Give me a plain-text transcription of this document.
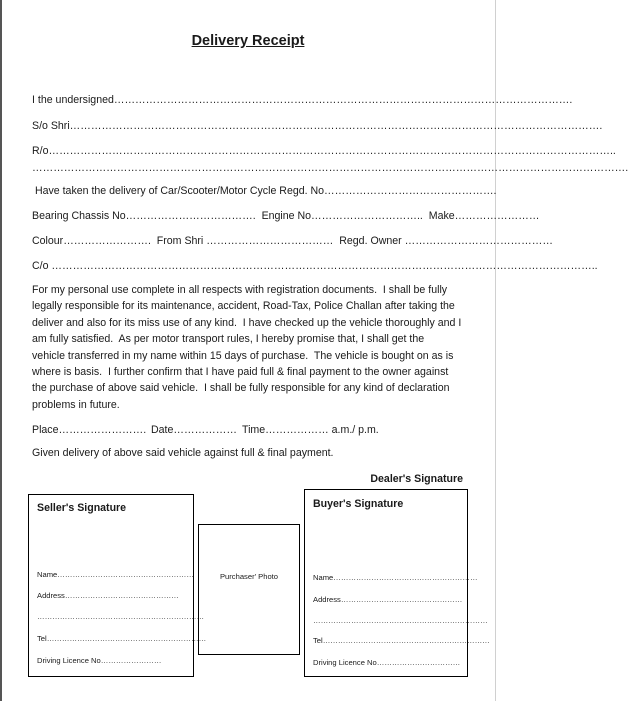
Delivery Receipt
I the undersigned………………………………………………………………………………………………………………….
S/o Shri…………………………………………………………………………………………………………………………………….
R/o……………………………………………………………………………………………………………………………………………..
…………………………………………………………………………………………………………………………………………………….
Have taken the delivery of Car/Scooter/Motor Cycle Regd. No………………………………………….
Bearing Chassis No……………………………….  Engine No…………………………..  Make……………………
Colour…………………….  From Shri ………………………………  Regd. Owner ……………………………………
C/o ………………………………………………………………………………………………………………………………………..
For my personal use complete in all respects with registration documents.  I shall be fully
legally responsible for its maintenance, accident, Road-Tax, Police Challan after taking the
deliver and also for its miss use of any kind.  I have checked up the vehicle thoroughly and I
am fully satisfied.  As per motor transport rules, I hereby promise that, I shall get the
vehicle transferred in my name within 15 days of purchase.  The vehicle is bought on as is
where is basis.  I further confirm that I have paid full & final payment to the owner against
the purchase of above said vehicle.  I shall be fully responsible for any kind of declaration
problems in future.
Place……………………. Date……………… Time……………… a.m./ p.m.
Given delivery of above said vehicle against full & final payment.
Dealer's Signature
Seller's Signature
Name………………………………………………
Address………………………………………
…………………………………………………………
Tel………………………………………………………
Driving Licence No……………………
Purchaser' Photo
Buyer's Signature
Name…………………………………………………
Address…………………………………………
……………………………………………………………
Tel…………………………………………………………
Driving Licence No……………………………
